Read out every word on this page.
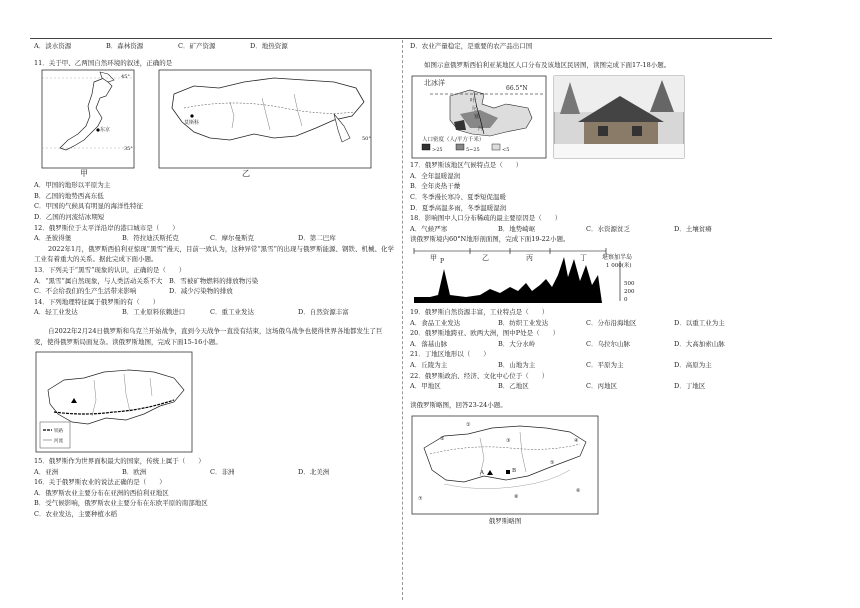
A．淡水资源	B．森林资源	C．矿产资源	D．地热资源
11．关于甲、乙两国自然环境的叙述，正确的是
45°
35°
东京
莫斯科
50°
甲	乙
A．甲国的地形以平原为主
B．乙国的地势西高东低
C．甲国的气候具有明显的海洋性特征
D．乙国的河流结冰期短
12．俄罗斯位于太平洋沿岸的港口城市是（　　）
A．圣彼得堡	B．符拉迪沃斯托克	C．摩尔曼斯克	D．第二巴库
2022年1月，俄罗斯西伯利亚惊现“黑雪”漫天，目前一致认为，这种异常“黑雪”的出现与俄罗斯能源、钢铁、机械、化学工业有着重大的关系。据此完成下面小题。
13．下列关于“黑雪”现象的认识，正确的是（　　）
A．“黑雪”属自然现象，与人类活动关系不大	B．雪被矿物燃料的排放物污染
C．不会给我们的生产生活带来影响	D．减少污染物的排放
14．下列地理特征属于俄罗斯的有（　　）
A．轻工业发达	B．工业原料依赖进口	C．重工业发达	D．自然资源丰富
自2022年2月24日俄罗斯和乌克兰开始战争，直到今天战争一直没有结束，这场俄乌战争也使得世界各地都发生了巨变，使得俄罗斯局面复杂。读俄罗斯地图，完成下面15-16小题。
铁路
河流
15．俄罗斯作为世界面积最大的国家，传统上属于（　　）
A．亚洲	B．欧洲	C．非洲	D．北美洲
16．关于俄罗斯农业的说法正确的是（　　）
A．俄罗斯农业主要分布在亚洲的西伯利亚地区
B．受气候影响，俄罗斯农业主要分布在东欧平原的南部地区
C．农业发达，主要种植水稻
D．农业产量稳定，是重要的农产品出口国
如图示意俄罗斯西伯利亚某地区人口分布及该地区民居图，读图完成下面17-18小题。
北冰洋
66.5°N
叶
尼
塞
河
人口密度（人/平方千米）
>25	5~25	<5
17．俄罗斯该地区气候特点是（　　）
A．全年温暖湿润
B．全年炎热干燥
C．冬季漫长寒冷、夏季短促温暖
D．夏季高温多雨，冬季温暖湿润
18．影响图中人口分布稀疏的最主要原因是（　　）
A．气候严寒	B．地势崎岖	C．水资源贫乏	D．土壤贫瘠
读俄罗斯境内60°N地形剖面图，完成下面19-22小题。
甲	乙	丙	丁
P
堪察加半岛
1 000(米)
500
200
0
19．俄罗斯自然资源丰富，工业特点是（　　）
A．食品工业发达	B．纺织工业发达	C．分布沿海地区	D．以重工业为主
20．俄罗斯地跨亚、欧两大洲，图中P处是（　　）
A．落基山脉	B．大分水岭	C．乌拉尔山脉	D．大高加索山脉
21．丁地区地形以（　　）
A．丘陵为主	B．山地为主	C．平原为主	D．高原为主
22．俄罗斯政治、经济、文化中心位于（　　）
A．甲地区	B．乙地区	C．丙地区	D．丁地区
读俄罗斯略图，回答23-24小题。
①
②	③	④
⑤
⑥
⑦	⑧
A	B
俄罗斯略图
